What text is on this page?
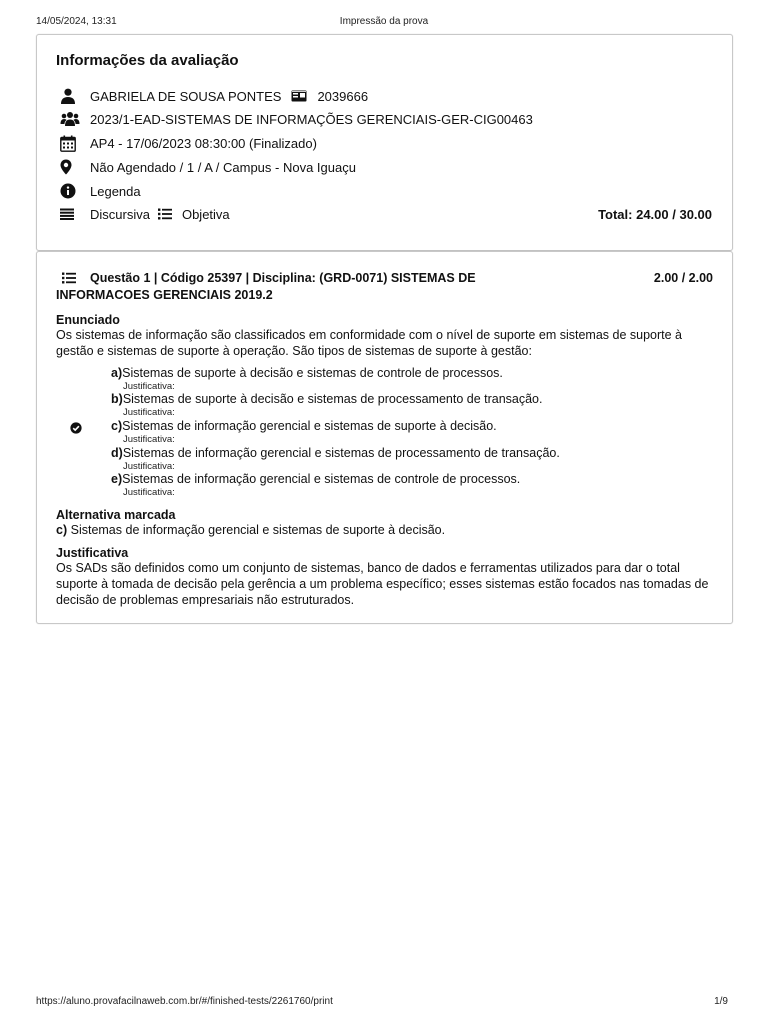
14/05/2024, 13:31	Impressão da prova
Informações da avaliação
GABRIELA DE SOUSA PONTES	2039666
2023/1-EAD-SISTEMAS DE INFORMAÇÕES GERENCIAIS-GER-CIG00463
AP4 - 17/06/2023 08:30:00 (Finalizado)
Não Agendado / 1 / A / Campus - Nova Iguaçu
Legenda
Discursiva Objetiva	Total: 24.00 / 30.00
Questão 1 | Código 25397 | Disciplina: (GRD-0071) SISTEMAS DE INFORMACOES GERENCIAIS 2019.2
2.00 / 2.00
Enunciado
Os sistemas de informação são classificados em conformidade com o nível de suporte em sistemas de suporte à gestão e sistemas de suporte à operação. São tipos de sistemas de suporte à gestão:
a)Sistemas de suporte à decisão e sistemas de controle de processos.
Justificativa:
b)Sistemas de suporte à decisão e sistemas de processamento de transação.
Justificativa:
c)Sistemas de informação gerencial e sistemas de suporte à decisão.
Justificativa:
d)Sistemas de informação gerencial e sistemas de processamento de transação.
Justificativa:
e)Sistemas de informação gerencial e sistemas de controle de processos.
Justificativa:
Alternativa marcada
c) Sistemas de informação gerencial e sistemas de suporte à decisão.
Justificativa
Os SADs são definidos como um conjunto de sistemas, banco de dados e ferramentas utilizados para dar o total suporte à tomada de decisão pela gerência a um problema específico; esses sistemas estão focados nas tomadas de decisão de problemas empresariais não estruturados.
https://aluno.provafacilnaweb.com.br/#/finished-tests/2261760/print	1/9
